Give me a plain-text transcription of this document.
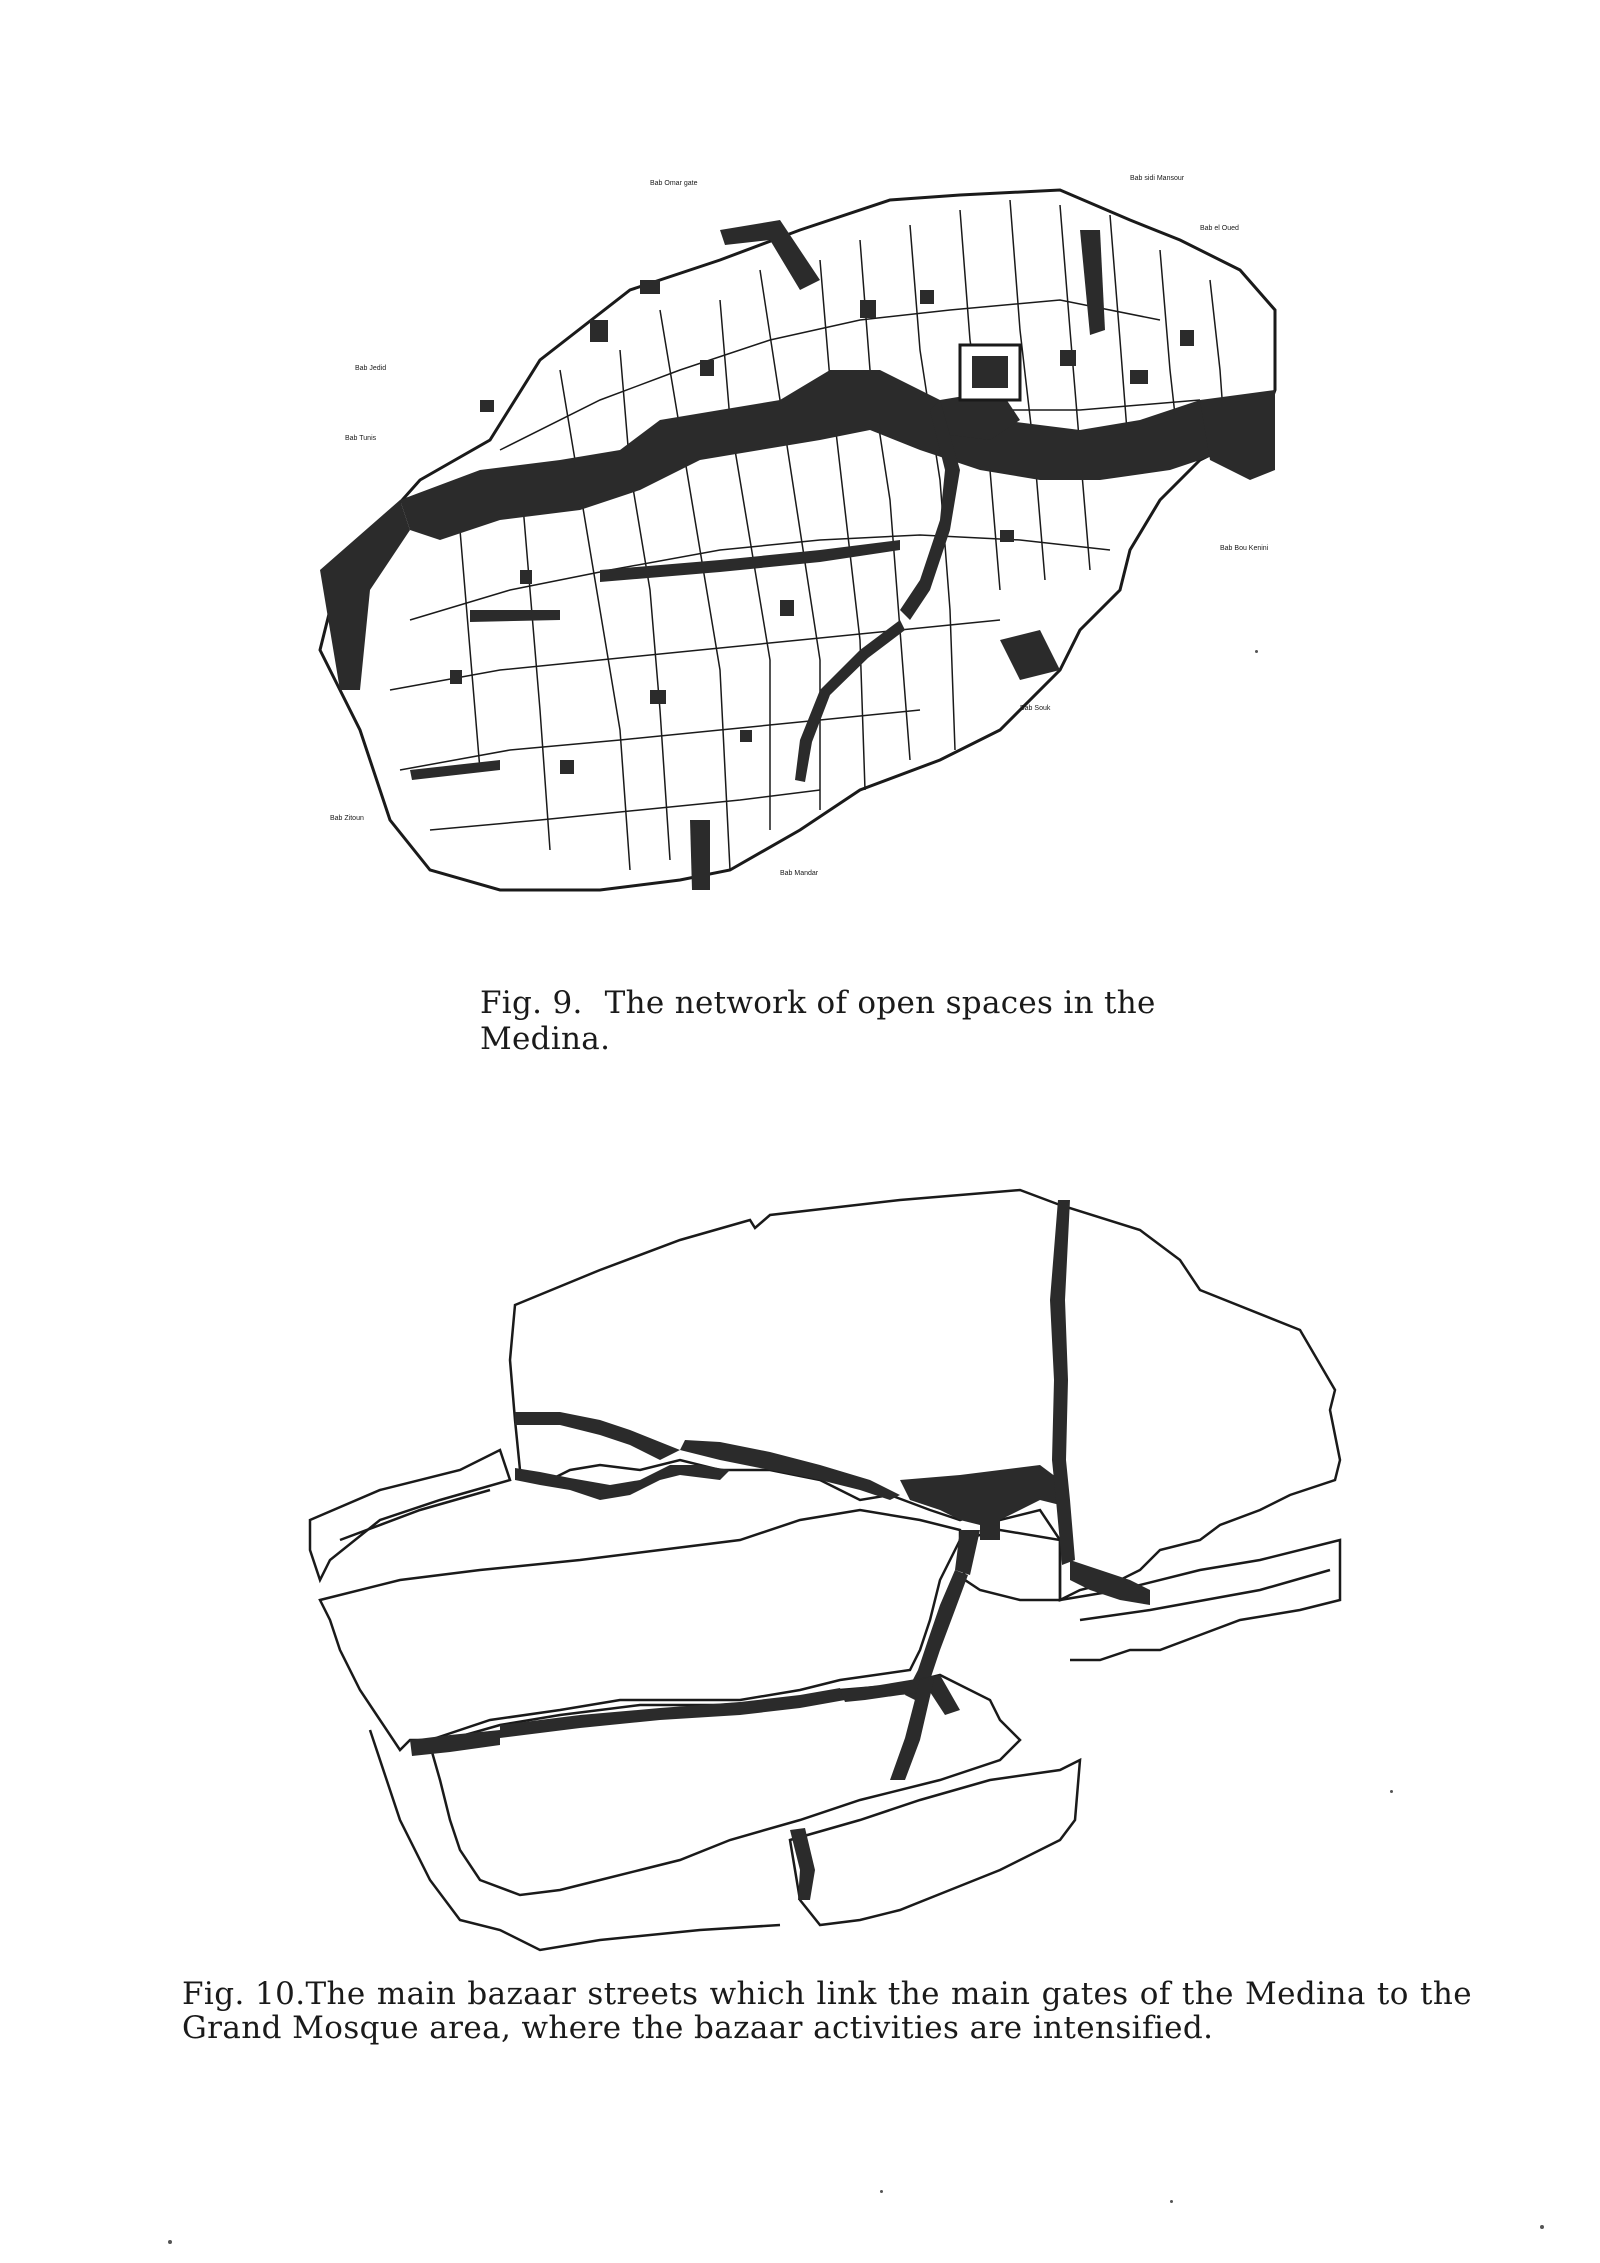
Bab Omar gate
Bab sidi Mansour
Bab el Oued
Bab Jedid
Bab Tunis
Bab Bou Kenini
Bab Souk
Bab Zitoun
Bab Mandar
Fig. 9. The network of open spaces in the Medina.
Fig. 10.The main bazaar streets which link the main gates of the Medina to the
Grand Mosque area, where the bazaar activities are intensified.
